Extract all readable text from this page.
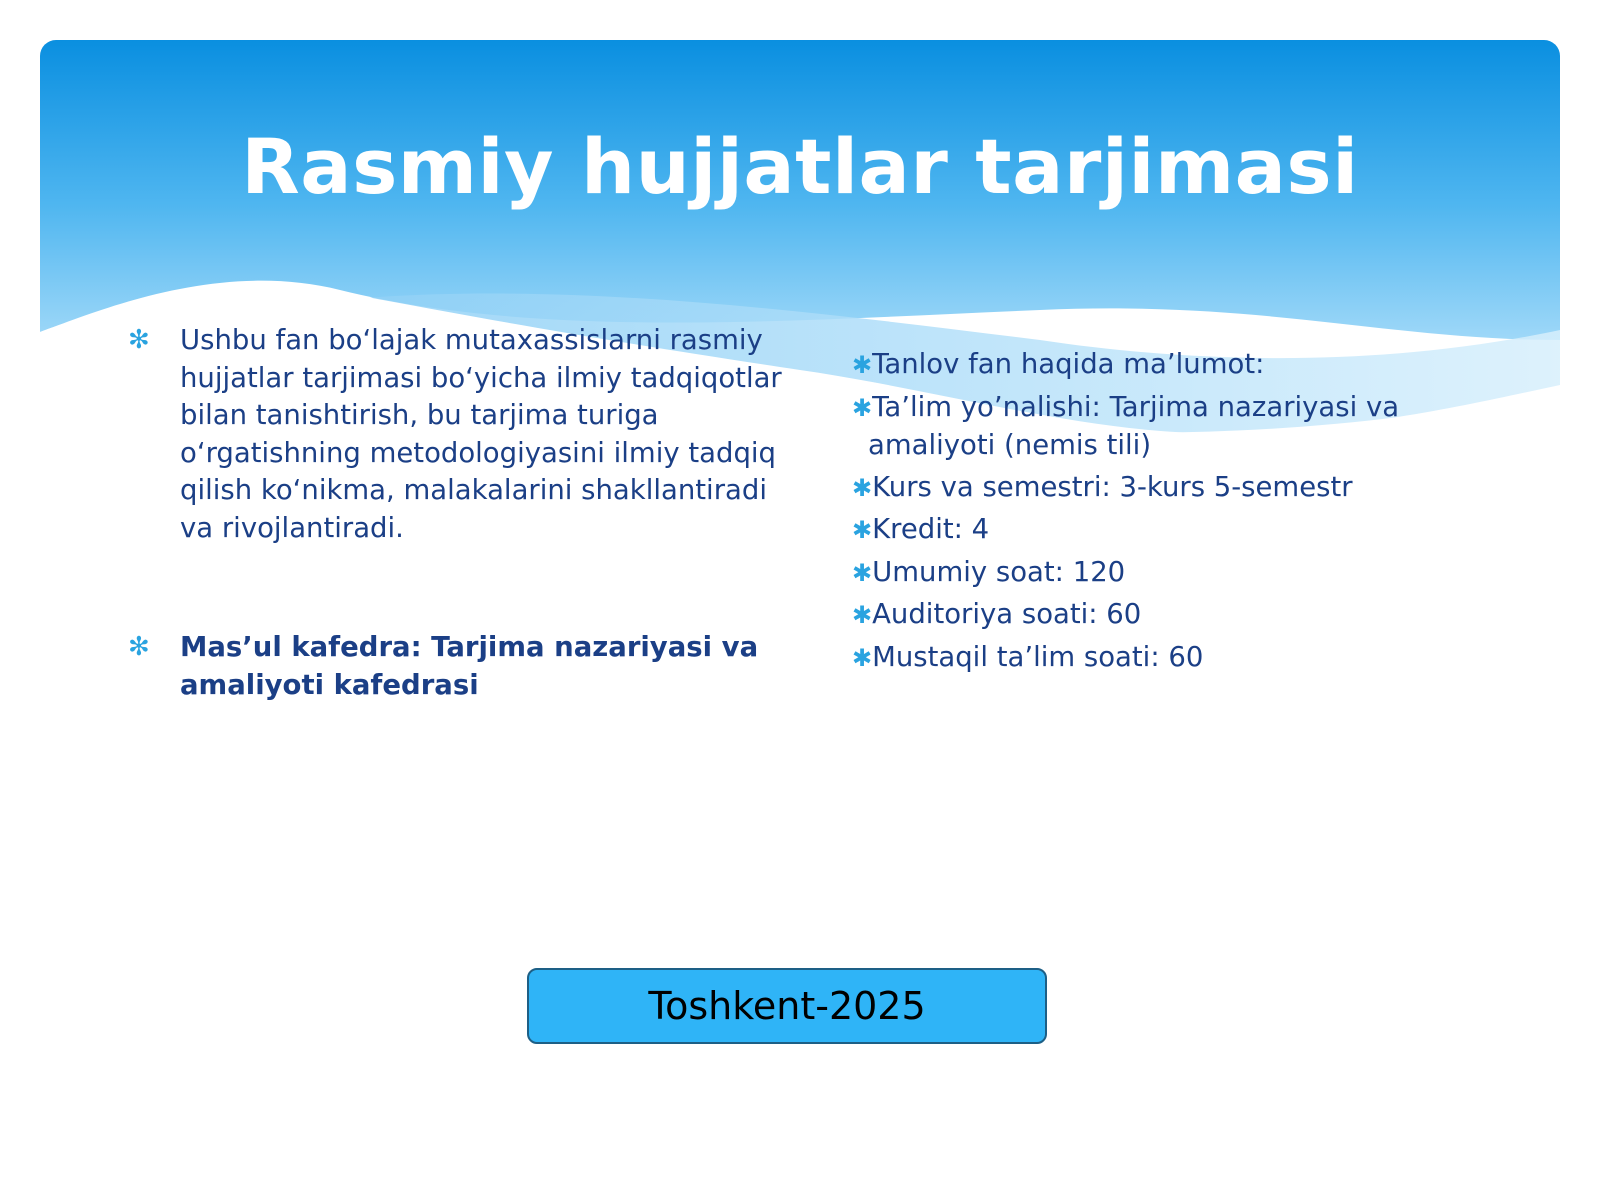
Rasmiy hujjatlar tarjimasi
✻ Ushbu fan bo‘lajak mutaxassislarni rasmiy hujjatlar tarjimasi bo‘yicha ilmiy tadqiqotlar bilan tanishtirish, bu tarjima turiga o‘rgatishning metodologiyasini ilmiy tadqiq qilish ko‘nikma, malakalarini shakllantiradi va rivojlantiradi.
✻ Mas’ul kafedra: Tarjima nazariyasi va amaliyoti kafedrasi
✱Tanlov fan haqida ma’lumot:
✱Ta’lim yo’nalishi: Tarjima nazariyasi va
amaliyoti (nemis tili)
✱Kurs va semestri: 3-kurs 5-semestr
✱Kredit: 4
✱Umumiy soat: 120
✱Auditoriya soati: 60
✱Mustaqil ta’lim soati: 60
Toshkent-2025
